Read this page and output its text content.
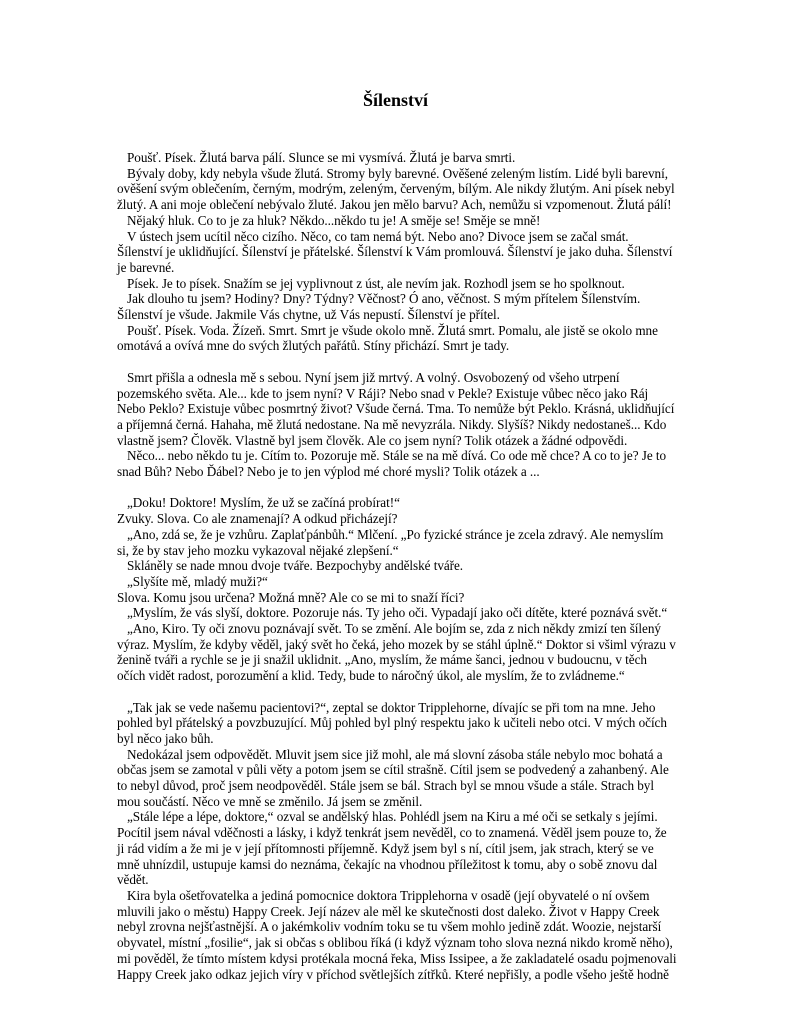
Šílenství

Poušť. Písek. Žlutá barva pálí. Slunce se mi vysmívá. Žlutá je barva smrti.

Bývaly doby, kdy nebyla všude žlutá. Stromy byly barevné. Ověšené zeleným listím. Lidé byli barevní, ověšení svým oblečením, černým, modrým, zeleným, červeným, bílým. Ale nikdy žlutým. Ani písek nebyl žlutý. A ani moje oblečení nebývalo žluté. Jakou jen mělo barvu? Ach, nemůžu si vzpomenout. Žlutá pálí!

Nějaký hluk. Co to je za hluk? Někdo...někdo tu je! A směje se! Směje se mně!

V ústech jsem ucítil něco cizího. Něco, co tam nemá být. Nebo ano? Divoce jsem se začal smát. Šílenství je uklidňující. Šílenství je přátelské. Šílenství k Vám promlouvá. Šílenství je jako duha. Šílenství je barevné.

Písek. Je to písek. Snažím se jej vyplivnout z úst, ale nevím jak. Rozhodl jsem se ho spolknout.

Jak dlouho tu jsem? Hodiny? Dny? Týdny? Věčnost? Ó ano, věčnost. S mým přítelem Šílenstvím. Šílenství je všude. Jakmile Vás chytne, už Vás nepustí. Šílenství je přítel.

Poušť. Písek. Voda. Žízeň. Smrt. Smrt je všude okolo mně. Žlutá smrt. Pomalu, ale jistě se okolo mne omotává a ovívá mne do svých žlutých pařátů. Stíny přichází. Smrt je tady.

Smrt přišla a odnesla mě s sebou. Nyní jsem již mrtvý. A volný. Osvobozený od všeho utrpení pozemského světa. Ale... kde to jsem nyní? V Ráji? Nebo snad v Pekle? Existuje vůbec něco jako Ráj Nebo Peklo? Existuje vůbec posmrtný život? Všude černá. Tma. To nemůže být Peklo. Krásná, uklidňující a příjemná černá. Hahaha, mě žlutá nedostane. Na mě nevyzrála. Nikdy. Slyšíš? Nikdy nedostaneš... Kdo vlastně jsem? Člověk. Vlastně byl jsem člověk. Ale co jsem nyní? Tolik otázek a žádné odpovědi.

Něco... nebo někdo tu je. Cítím to. Pozoruje mě. Stále se na mě dívá. Co ode mě chce? A co to je? Je to snad Bůh? Nebo Ďábel? Nebo je to jen výplod mé choré mysli? Tolik otázek a ...

„Doku! Doktore! Myslím, že už se začíná probírat!“

Zvuky. Slova. Co ale znamenají? A odkud přicházejí?

„Ano, zdá se, že je vzhůru. Zaplaťpánbůh.“ Mlčení. „Po fyzické stránce je zcela zdravý. Ale nemyslím si, že by stav jeho mozku vykazoval nějaké zlepšení.“

Skláněly se nade mnou dvoje tváře. Bezpochyby andělské tváře.

„Slyšíte mě, mladý muži?“

Slova. Komu jsou určena? Možná mně? Ale co se mi to snaží říci?

„Myslím, že vás slyší, doktore. Pozoruje nás. Ty jeho oči. Vypadají jako oči dítěte, které poznává svět.“

„Ano, Kiro. Ty oči znovu poznávají svět. To se změní. Ale bojím se, zda z nich někdy zmizí ten šílený výraz. Myslím, že kdyby věděl, jaký svět ho čeká, jeho mozek by se stáhl úplně.“ Doktor si všiml výrazu v ženině tváři a rychle se je ji snažil uklidnit. „Ano, myslím, že máme šanci, jednou v budoucnu, v těch očích vidět radost, porozumění a klid. Tedy, bude to náročný úkol, ale myslím, že to zvládneme.“

„Tak jak se vede našemu pacientovi?“, zeptal se doktor Tripplehorne, dívajíc se při tom na mne. Jeho pohled byl přátelský a povzbuzující. Můj pohled byl plný respektu jako k učiteli nebo otci. V mých očích byl něco jako bůh.

Nedokázal jsem odpovědět. Mluvit jsem sice již mohl, ale má slovní zásoba stále nebylo moc bohatá a občas jsem se zamotal v půli věty a potom jsem se cítil strašně. Cítil jsem se podvedený a zahanbený. Ale to nebyl důvod, proč jsem neodpověděl. Stále jsem se bál. Strach byl se mnou všude a stále. Strach byl mou součástí. Něco ve mně se změnilo. Já jsem se změnil.

„Stále lépe a lépe, doktore,“ ozval se andělský hlas. Pohlédl jsem na Kiru a mé oči se setkaly s jejími. Pocítil jsem nával vděčnosti a lásky, i když tenkrát jsem nevěděl, co to znamená. Věděl jsem pouze to, že ji rád vidím a že mi je v její přítomnosti příjemně. Když jsem byl s ní, cítil jsem, jak strach, který se ve mně uhnízdil, ustupuje kamsi do neznáma, čekajíc na vhodnou příležitost k tomu, aby o sobě znovu dal vědět.

Kira byla ošetřovatelka a jediná pomocnice doktora Tripplehorna v osadě (její obyvatelé o ní ovšem mluvili jako o městu) Happy Creek. Její název ale měl ke skutečnosti dost daleko. Život v Happy Creek nebyl zrovna nejšťastnější. A o jakémkoliv vodním toku se tu všem mohlo jedině zdát. Woozie, nejstarší obyvatel, místní „fosilie“, jak si občas s oblibou říká (i když význam toho slova nezná nikdo kromě něho), mi pověděl, že tímto místem kdysi protékala mocná řeka, Miss Issipee, a že zakladatelé osadu pojmenovali Happy Creek jako odkaz jejich víry v příchod světlejších zítřků. Které nepřišly, a podle všeho ještě hodně
